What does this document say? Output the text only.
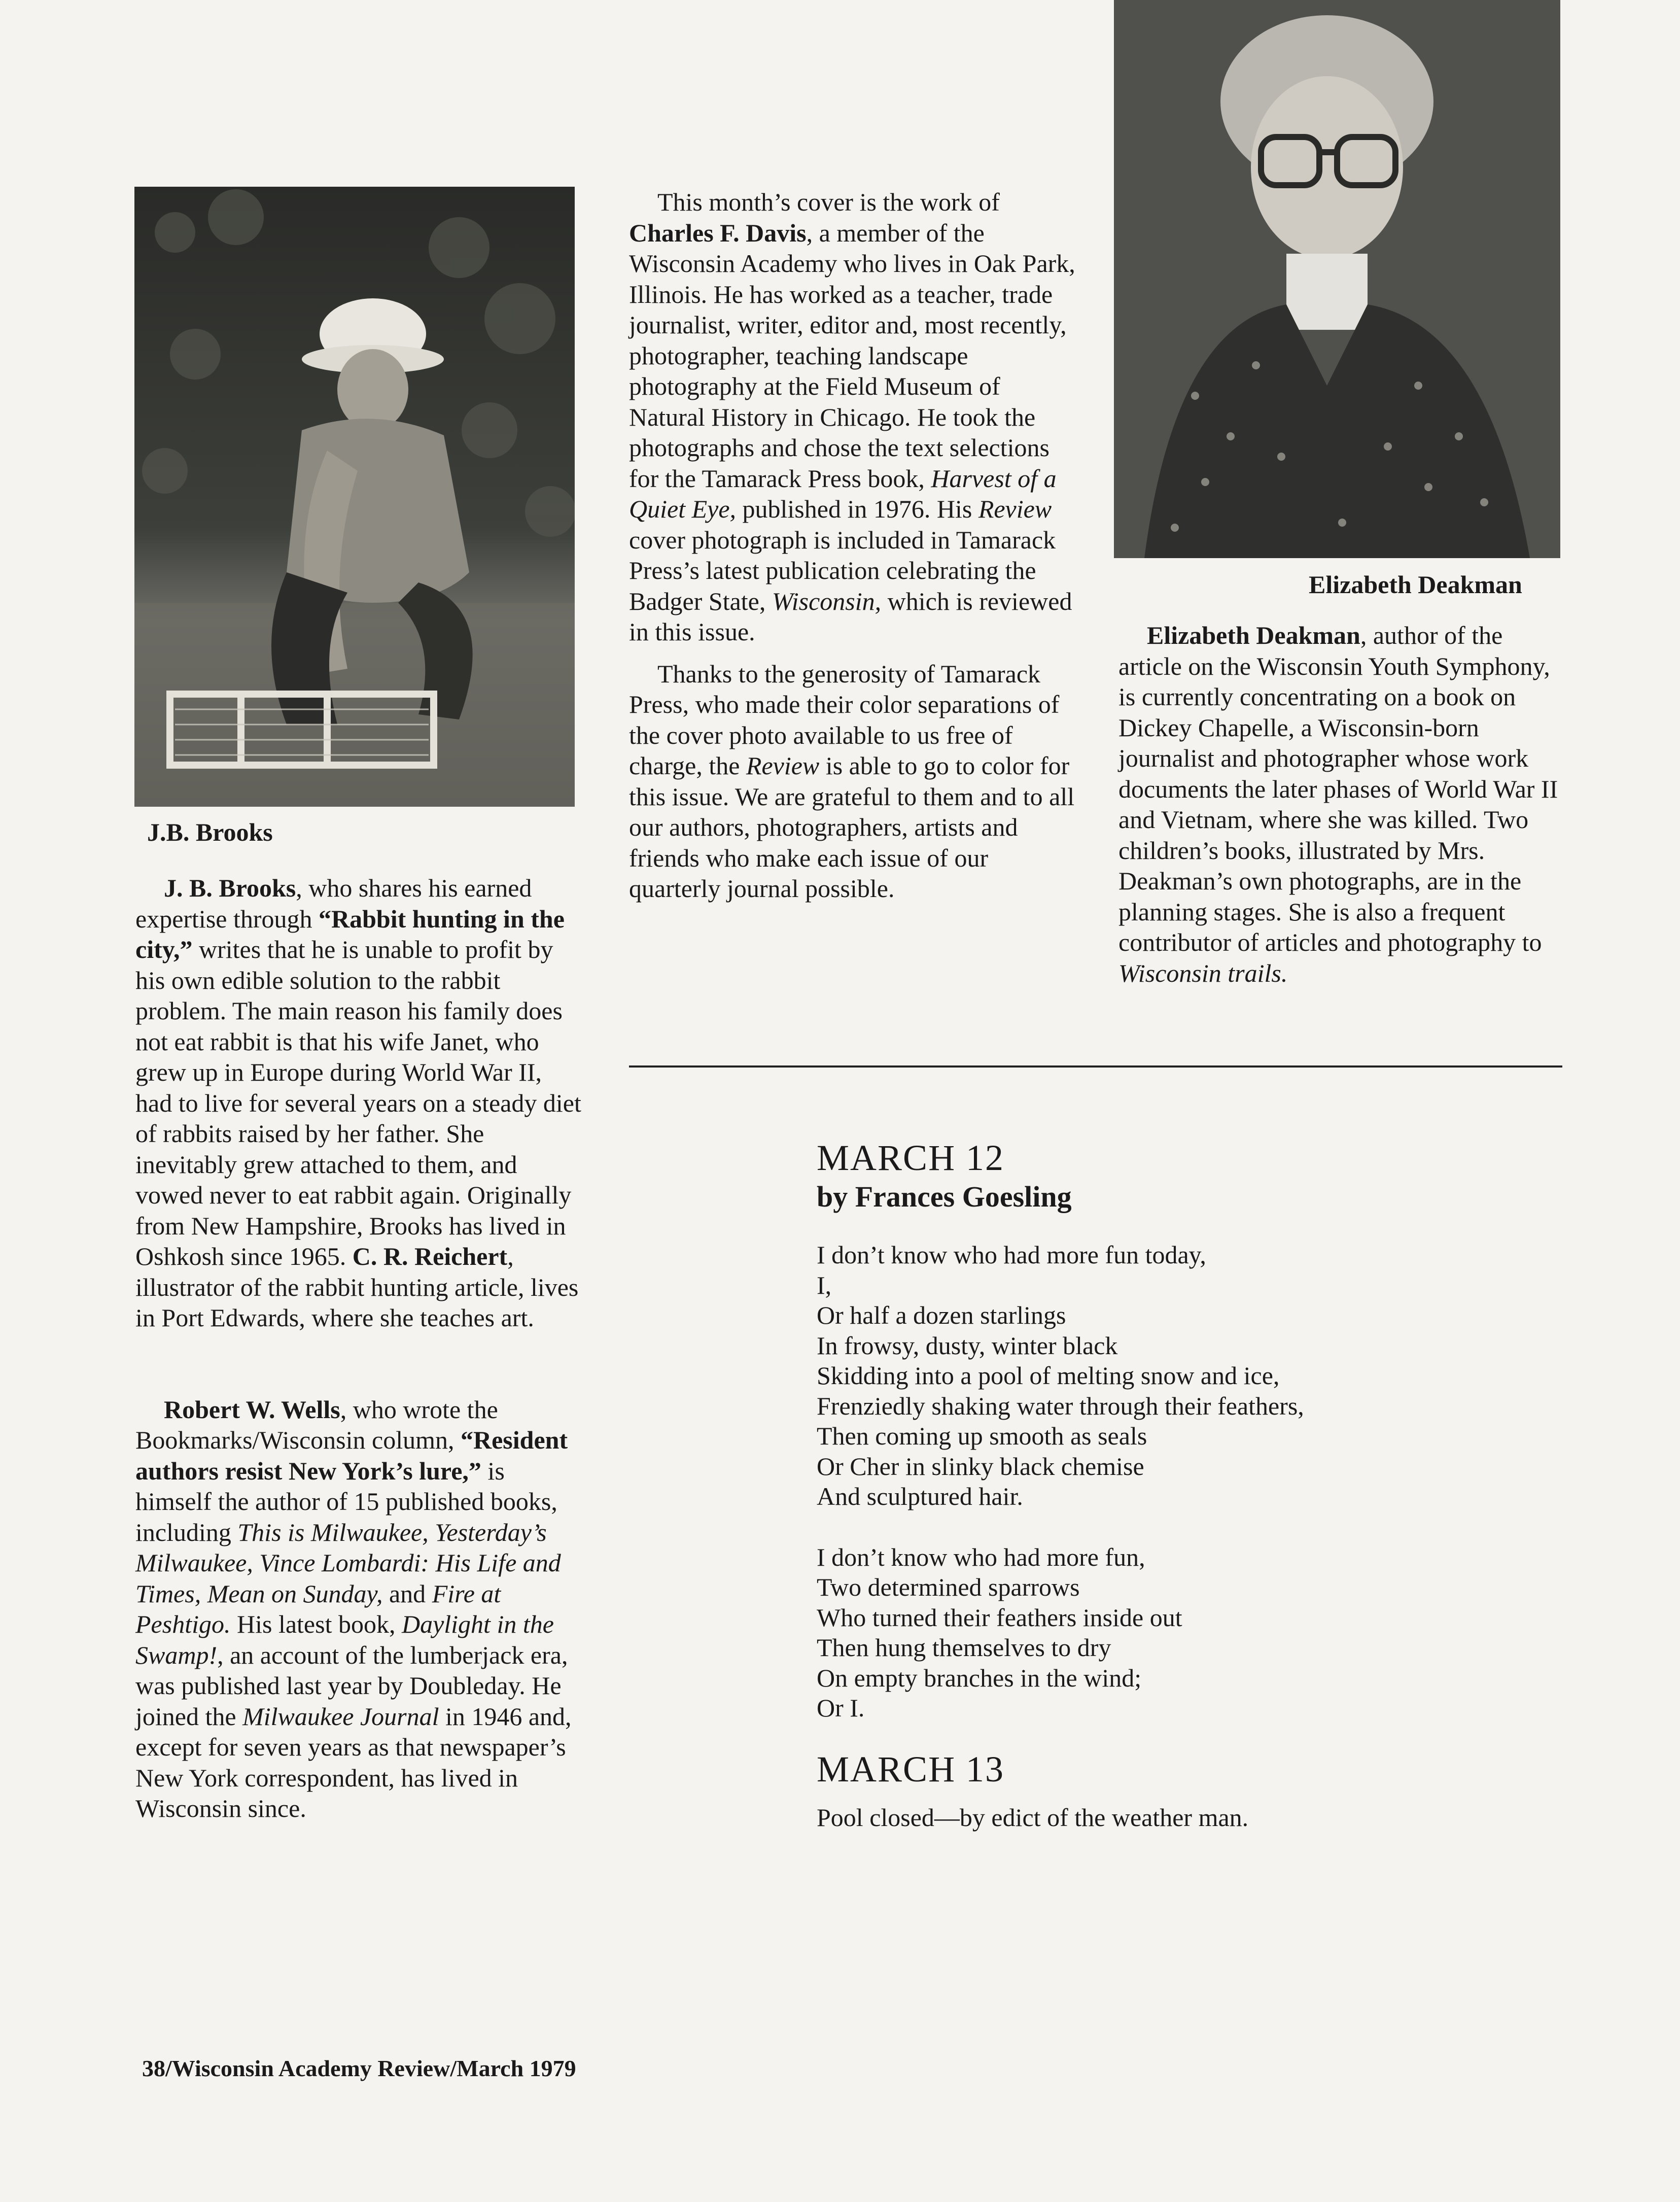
J.B. Brooks
Elizabeth Deakman

J. B. Brooks, who shares his earned expertise through “Rabbit hunting in the city,” writes that he is unable to profit by his own edible solution to the rabbit problem. The main reason his family does not eat rabbit is that his wife Janet, who grew up in Europe during World War II, had to live for several years on a steady diet of rabbits raised by her father. She inevitably grew attached to them, and vowed never to eat rabbit again. Originally from New Hampshire, Brooks has lived in Oshkosh since 1965. C. R. Reichert, illustrator of the rabbit hunting article, lives in Port Edwards, where she teaches art.

Robert W. Wells, who wrote the Bookmarks/Wisconsin column, “Resident authors resist New York’s lure,” is himself the author of 15 published books, including This is Milwaukee, Yesterday’s Milwaukee, Vince Lombardi: His Life and Times, Mean on Sunday, and Fire at Peshtigo. His latest book, Daylight in the Swamp!, an account of the lumberjack era, was published last year by Doubleday. He joined the Milwaukee Journal in 1946 and, except for seven years as that newspaper’s New York correspondent, has lived in Wisconsin since.

This month’s cover is the work of Charles F. Davis, a member of the Wisconsin Academy who lives in Oak Park, Illinois. He has worked as a teacher, trade journalist, writer, editor and, most recently, photographer, teaching landscape photography at the Field Museum of Natural History in Chicago. He took the photographs and chose the text selections for the Tamarack Press book, Harvest of a Quiet Eye, published in 1976. His Review cover photograph is included in Tamarack Press’s latest publication celebrating the Badger State, Wisconsin, which is reviewed in this issue.

Thanks to the generosity of Tamarack Press, who made their color separations of the cover photo available to us free of charge, the Review is able to go to color for this issue. We are grateful to them and to all our authors, photographers, artists and friends who make each issue of our quarterly journal possible.

Elizabeth Deakman, author of the article on the Wisconsin Youth Symphony, is currently concentrating on a book on Dickey Chapelle, a Wisconsin-born journalist and photographer whose work documents the later phases of World War II and Vietnam, where she was killed. Two children’s books, illustrated by Mrs. Deakman’s own photographs, are in the planning stages. She is also a frequent contributor of articles and photography to Wisconsin trails.

MARCH 12
by Frances Goesling
I don’t know who had more fun today,
I,
Or half a dozen starlings
In frowsy, dusty, winter black
Skidding into a pool of melting snow and ice,
Frenziedly shaking water through their feathers,
Then coming up smooth as seals
Or Cher in slinky black chemise
And sculptured hair.
I don’t know who had more fun,
Two determined sparrows
Who turned their feathers inside out
Then hung themselves to dry
On empty branches in the wind;
Or I.
MARCH 13
Pool closed—by edict of the weather man.
38/Wisconsin Academy Review/March 1979
